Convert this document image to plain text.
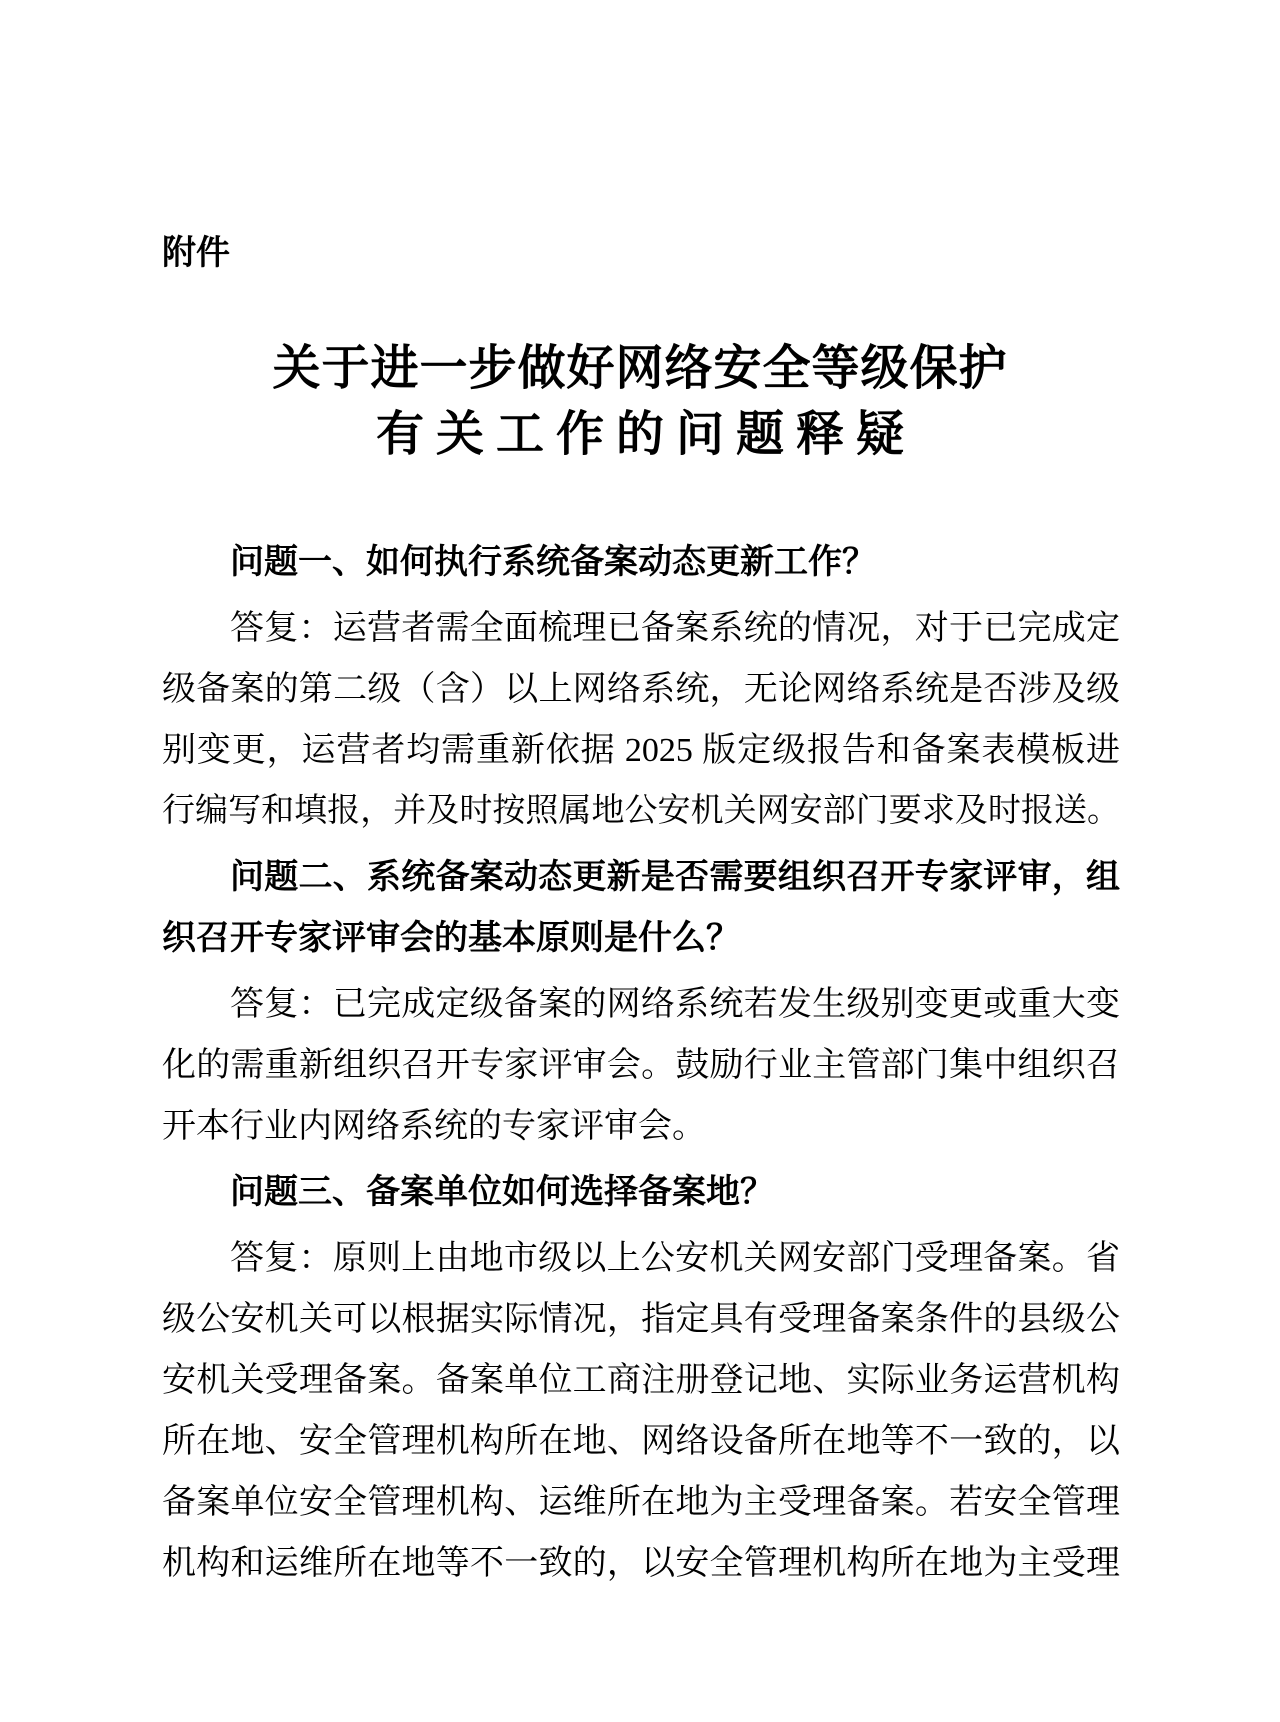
附件
关于进一步做好网络安全等级保护
有关工作的问题释疑
问题一、如何执行系统备案动态更新工作？
答复：运营者需全面梳理已备案系统的情况，对于已完成定
级备案的第二级（含）以上网络系统，无论网络系统是否涉及级
别变更，运营者均需重新依据 2025 版定级报告和备案表模板进
行编写和填报，并及时按照属地公安机关网安部门要求及时报送。
问题二、系统备案动态更新是否需要组织召开专家评审，组
织召开专家评审会的基本原则是什么？
答复：已完成定级备案的网络系统若发生级别变更或重大变
化的需重新组织召开专家评审会。鼓励行业主管部门集中组织召
开本行业内网络系统的专家评审会。
问题三、备案单位如何选择备案地？
答复：原则上由地市级以上公安机关网安部门受理备案。省
级公安机关可以根据实际情况，指定具有受理备案条件的县级公
安机关受理备案。备案单位工商注册登记地、实际业务运营机构
所在地、安全管理机构所在地、网络设备所在地等不一致的，以
备案单位安全管理机构、运维所在地为主受理备案。若安全管理
机构和运维所在地等不一致的，以安全管理机构所在地为主受理
